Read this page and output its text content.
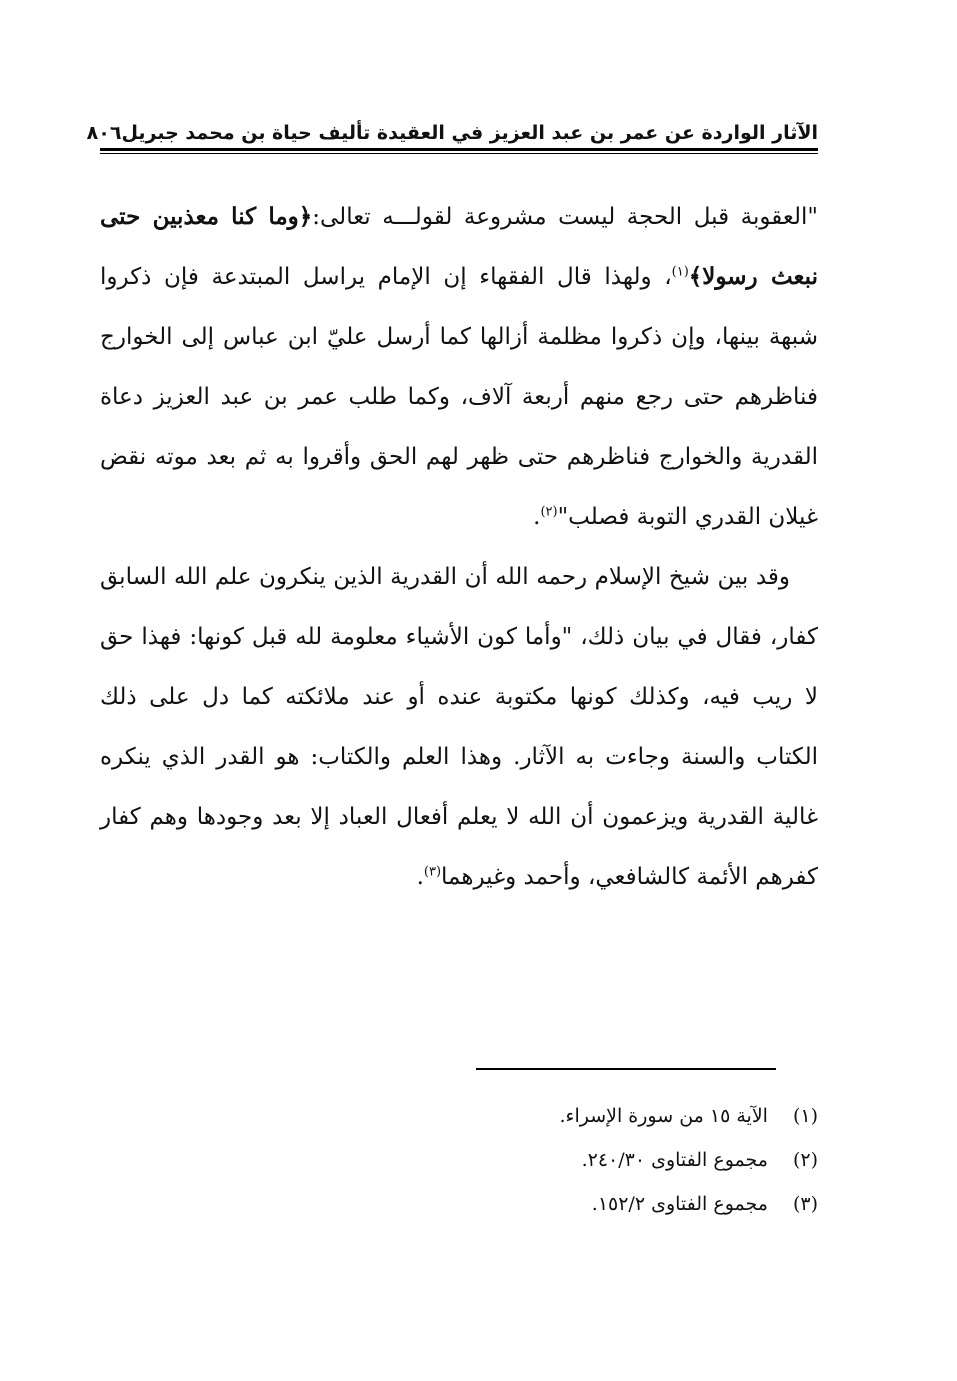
الآثار الواردة عن عمر بن عبد العزيز في العقيدة تأليف حياة بن محمد جبريل
٨٠٦

"العقوبة قبل الحجة ليست مشروعة لقولـــه تعالى:﴿وما كنا معذبين حتى نبعث رسولا﴾$^{(١)}$، ولهذا قال الفقهاء إن الإمام يراسل المبتدعة فإن ذكروا شبهة بينها، وإن ذكروا مظلمة أزالها كما أرسل عليّ ابن عباس إلى الخوارج فناظرهم حتى رجع منهم أربعة آلاف، وكما طلب عمر بن عبد العزيز دعاة القدرية والخوارج فناظرهم حتى ظهر لهم الحق وأقروا به ثم بعد موته نقض غيلان القدري التوبة فصلب"$^{(٢)}$.

وقد بين شيخ الإسلام رحمه الله أن القدرية الذين ينكرون علم الله السابق كفار، فقال في بيان ذلك، "وأما كون الأشياء معلومة لله قبل كونها: فهذا حق لا ريب فيه، وكذلك كونها مكتوبة عنده أو عند ملائكته كما دل على ذلك الكتاب والسنة وجاءت به الآثار. وهذا العلم والكتاب: هو القدر الذي ينكره غالية القدرية ويزعمون أن الله لا يعلم أفعال العباد إلا بعد وجودها وهم كفار كفرهم الأئمة كالشافعي، وأحمد وغيرهما$^{(٣)}$.

(١) الآية ١٥ من سورة الإسراء.
(٢) مجموع الفتاوى ٢٤٠/٣٠.
(٣) مجموع الفتاوى ١٥٢/٢.
